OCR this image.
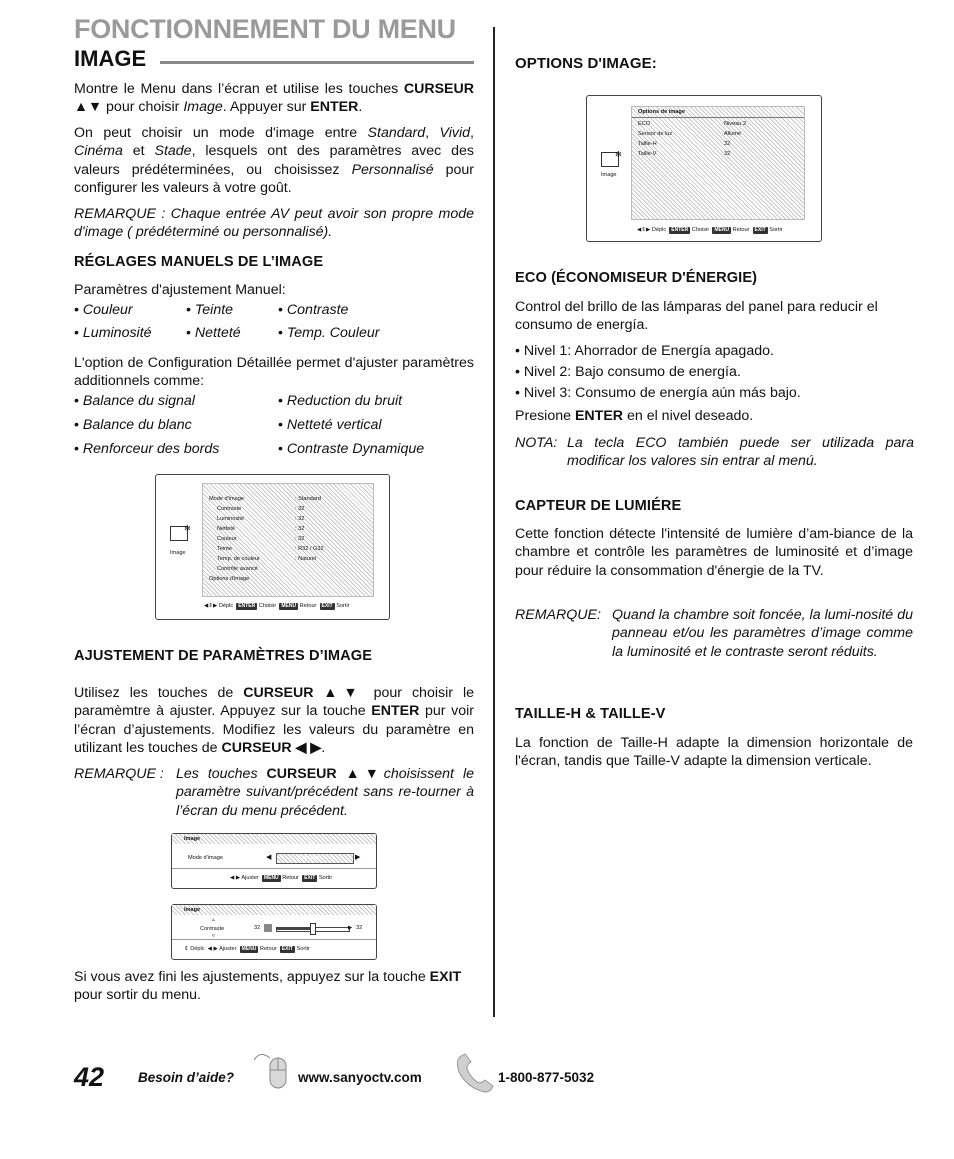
FONCTIONNEMENT DU MENU
IMAGE

Montre le Menu dans l’écran et utilise les touches CURSEUR ▲▼ pour choisir Image. Appuyer sur ENTER.

On peut choisir un mode d'image entre Standard, Vivid, Cinéma et Stade, lesquels ont des paramètres avec des valeurs prédéterminées, ou choisissez Personnalisé pour configurer les valeurs à votre goût.

REMARQUE : Chaque entrée AV peut avoir son propre mode d'image ( prédéterminé ou personnalisé).

RÉGLAGES MANUELS DE L’IMAGE
Paramètres d'ajustement Manuel:
• Couleur	• Teinte	• Contraste
• Luminosité • Netteté	• Temp. Couleur

L'option de Configuration Détaillée permet d'ajuster paramètres additionnels comme:

• Balance du signal	• Reduction du bruit
• Balance du blanc	• Netteté vertical
• Renforceur des bords	• Contraste Dynamique
✻
Image
Mode d'image	: Standard
Contraste	: 32
Luminosité	: 32
Netteté	: 32
Couleur	: 32
Teinte	: R32 / G32
Temp. de couleur	: Naturel
Contrôle avancé
Options d'image
◀⇕▶ Déplc ENTER Choisir MENU Retour EXIT Sortir
AJUSTEMENT DE PARAMÈTRES D’IMAGE

Utilisez les touches de CURSEUR ▲▼ pour choisir le paramèmtre à ajuster. Appuyez sur la touche ENTER pur voir l’écran d’ajustements. Modifiez les valeurs du paramètre en utilizant les touches de CURSEUR ◀ ▶.

REMARQUE : Les touches CURSEUR ▲▼choisissent le paramètre suivant/précédent sans re-tourner à l’écran du menu précédent.

Image
Mode d'image	◀	Standard	▶
◀ ▶ Ajuster MENU Retour EXIT Sortir
Image
▵
Contraste
▿
32	▶ 32
⇕ Déplc  ◀ ▶ Ajuster MENU Retour EXIT Sortir

Si vous avez fini les ajustements, appuyez sur la touche EXIT pour sortir du menu.

OPTIONS D'IMAGE:
✻
Image
Options de image
ECO	Niveau 2
Sensor de luz	Allumé
Taille-H	32
Taille-V	32
◀⇕▶ Déplc ENTER Choisir MENU Retour EXIT Sortir
ECO (ÉCONOMISEUR D'ÉNERGIE)

Control del brillo de las lámparas del panel para reducir el consumo de energía.

• Nivel 1: Ahorrador de Energía apagado.
• Nivel 2: Bajo consumo de energía.
• Nivel 3: Consumo de energía aún más bajo.
Presione ENTER en el nivel deseado.
NOTA: La tecla ECO también puede ser utilizada para modificar los valores sin entrar al menú.

CAPTEUR DE LUMIÉRE

Cette fonction détecte l'intensité de lumière d’am-biance de la chambre et contrôle les paramètres de luminosité et d’image pour réduire la consommation d'énergie de la TV.

REMARQUE: Quand la chambre soit foncée, la lumi-nosité du panneau et/ou les paramètres d’image comme la luminosité et le contraste seront réduits.

TAILLE-H & TAILLE-V

La fonction de Taille-H adapte la dimension horizontale de l'écran, tandis que Taille-V adapte la dimension verticale.

42	Besoin d’aide?	www.sanyoctv.com	1-800-877-5032
